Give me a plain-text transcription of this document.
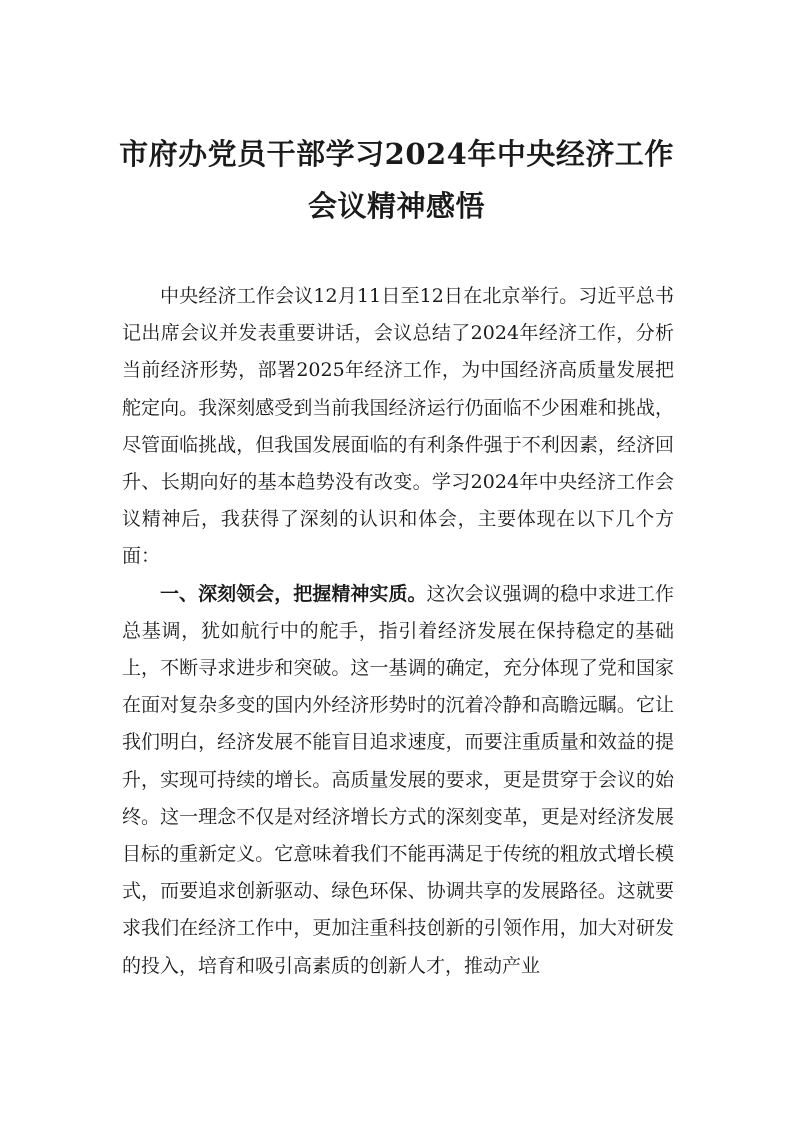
市府办党员干部学习2024年中央经济工作
会议精神感悟

中央经济工作会议12月11日至12日在北京举行。习近平总书记出席会议并发表重要讲话，会议总结了2024年经济工作，分析当前经济形势，部署2025年经济工作，为中国经济高质量发展把舵定向。我深刻感受到当前我国经济运行仍面临不少困难和挑战，尽管面临挑战，但我国发展面临的有利条件强于不利因素，经济回升、长期向好的基本趋势没有改变。学习2024年中央经济工作会议精神后，我获得了深刻的认识和体会，主要体现在以下几个方面：

一、深刻领会，把握精神实质。这次会议强调的稳中求进工作总基调，犹如航行中的舵手，指引着经济发展在保持稳定的基础上，不断寻求进步和突破。这一基调的确定，充分体现了党和国家在面对复杂多变的国内外经济形势时的沉着冷静和高瞻远瞩。它让我们明白，经济发展不能盲目追求速度，而要注重质量和效益的提升，实现可持续的增长。高质量发展的要求，更是贯穿于会议的始终。这一理念不仅是对经济增长方式的深刻变革，更是对经济发展目标的重新定义。它意味着我们不能再满足于传统的粗放式增长模式，而要追求创新驱动、绿色环保、协调共享的发展路径。这就要求我们在经济工作中，更加注重科技创新的引领作用，加大对研发的投入，培育和吸引高素质的创新人才，推动产业
